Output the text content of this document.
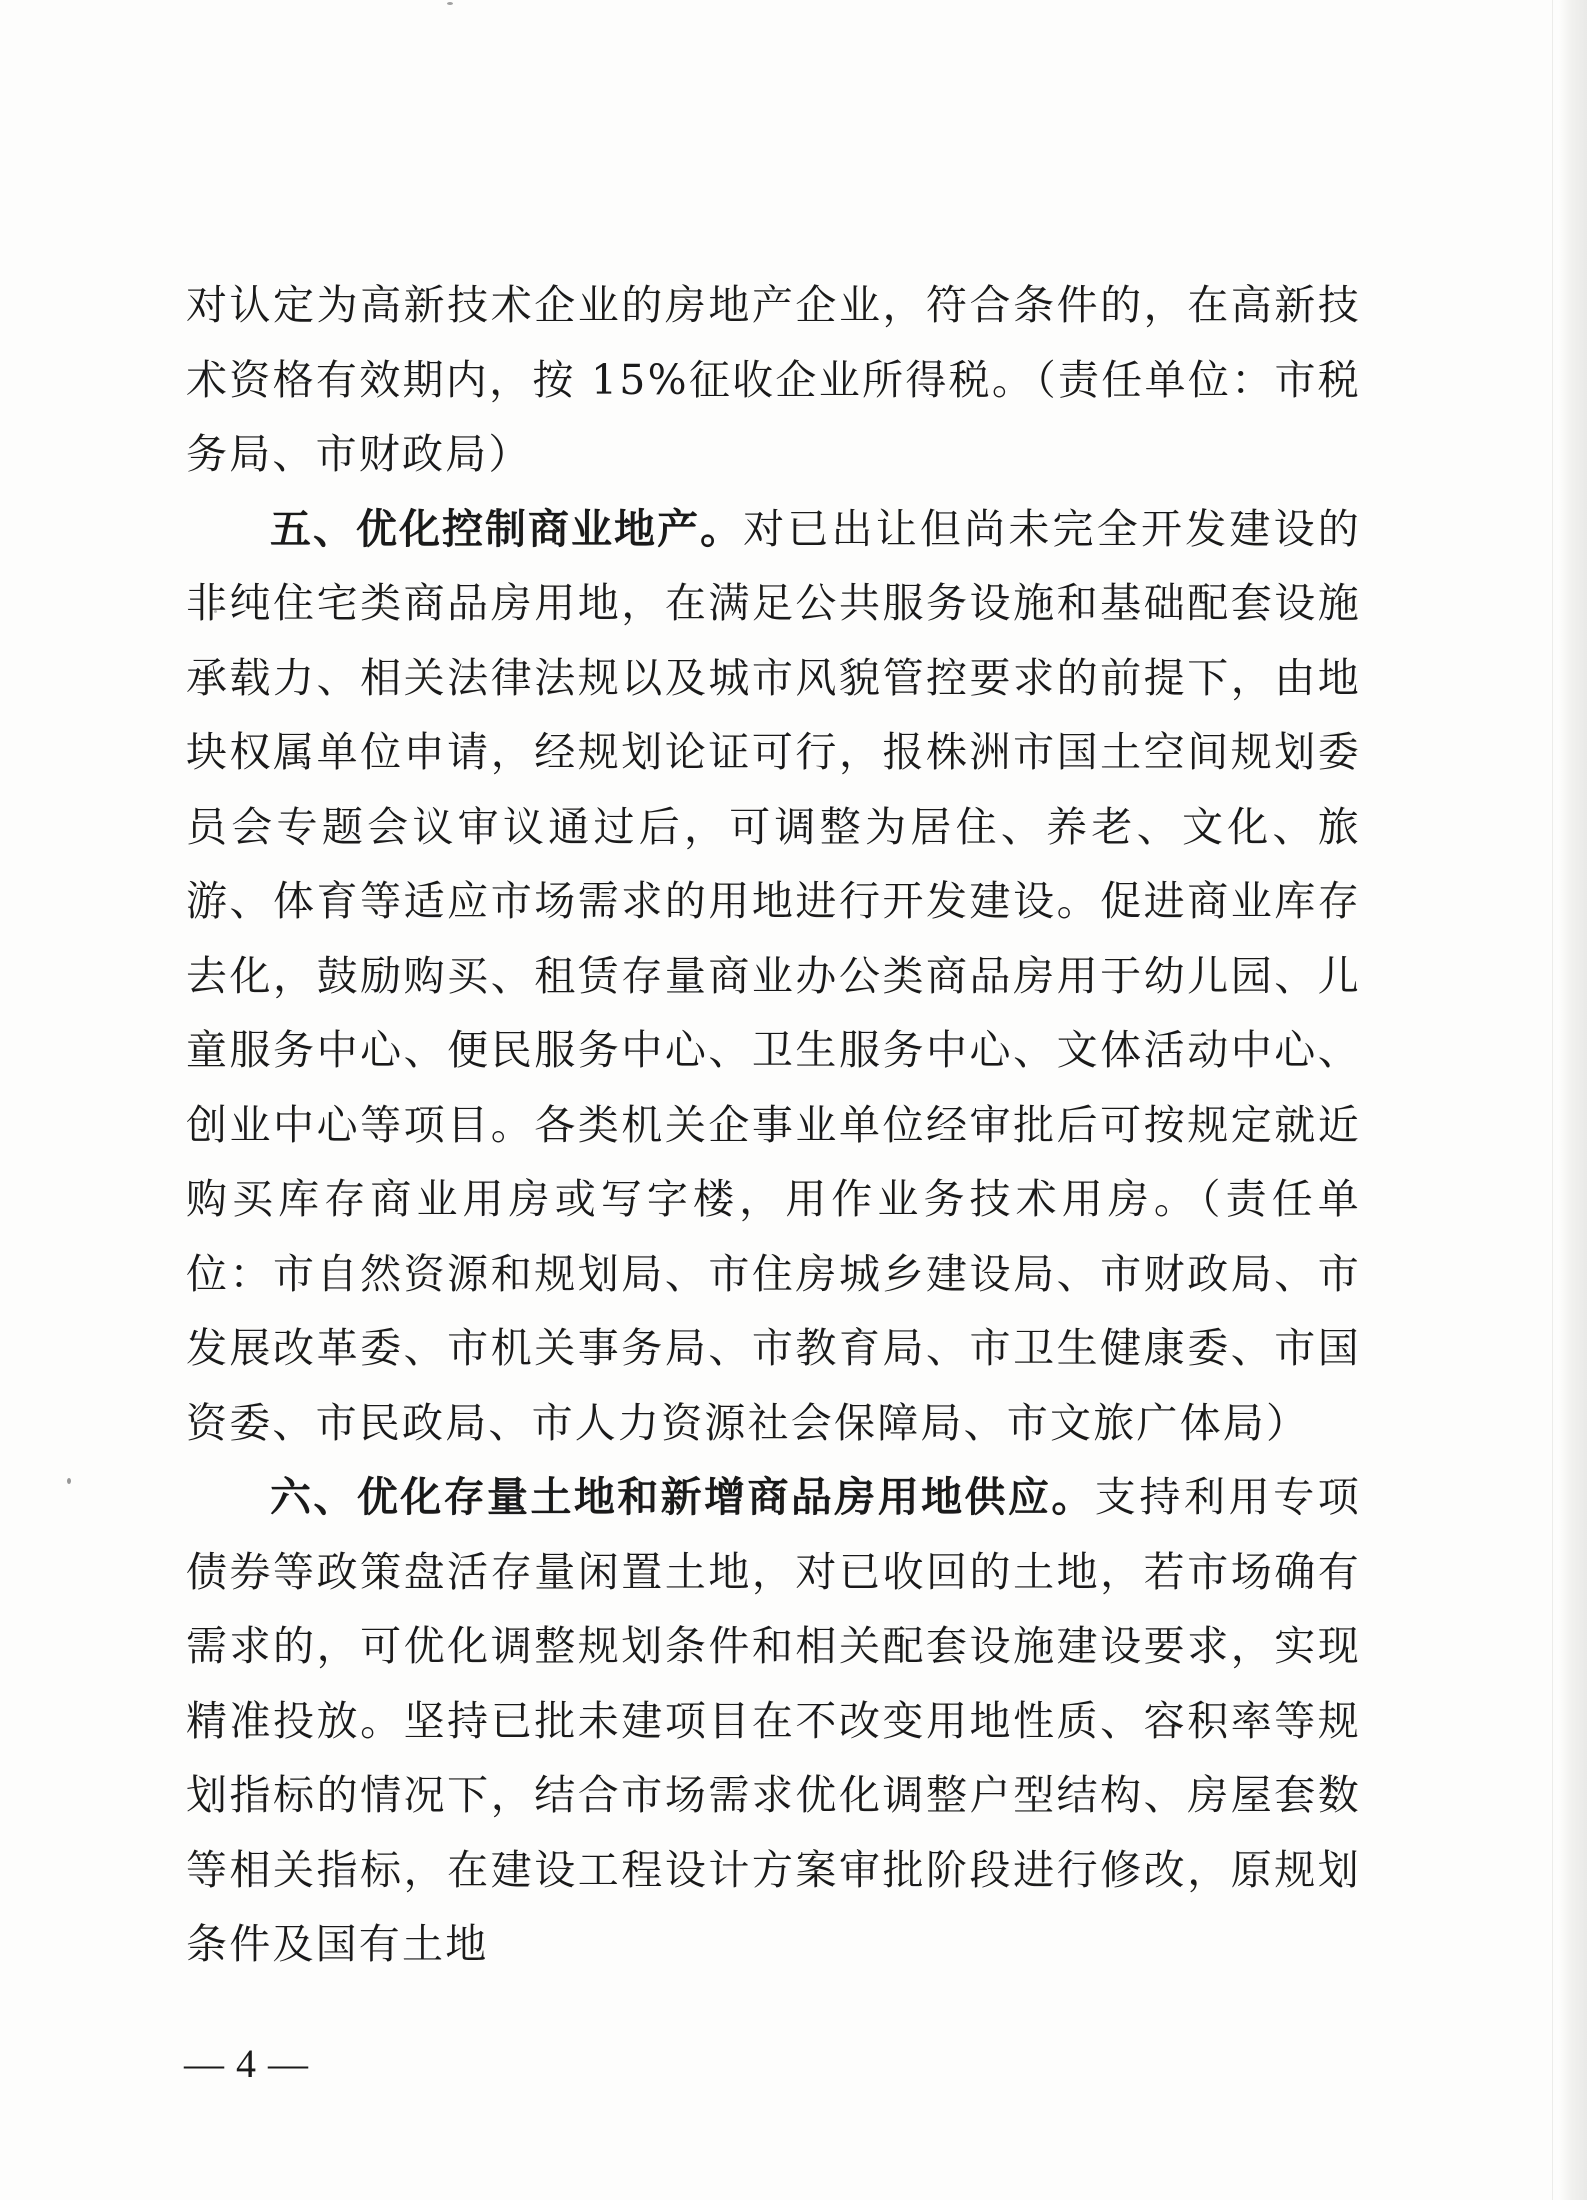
对认定为高新技术企业的房地产企业，符合条件的，在高新技术资格有效期内，按 15%征收企业所得税。（责任单位：市税务局、市财政局）

五、优化控制商业地产。对已出让但尚未完全开发建设的非纯住宅类商品房用地，在满足公共服务设施和基础配套设施承载力、相关法律法规以及城市风貌管控要求的前提下，由地块权属单位申请，经规划论证可行，报株洲市国土空间规划委员会专题会议审议通过后，可调整为居住、养老、文化、旅游、体育等适应市场需求的用地进行开发建设。促进商业库存去化，鼓励购买、租赁存量商业办公类商品房用于幼儿园、儿童服务中心、便民服务中心、卫生服务中心、文体活动中心、创业中心等项目。各类机关企事业单位经审批后可按规定就近购买库存商业用房或写字楼，用作业务技术用房。（责任单位：市自然资源和规划局、市住房城乡建设局、市财政局、市发展改革委、市机关事务局、市教育局、市卫生健康委、市国资委、市民政局、市人力资源社会保障局、市文旅广体局）

六、优化存量土地和新增商品房用地供应。支持利用专项债券等政策盘活存量闲置土地，对已收回的土地，若市场确有需求的，可优化调整规划条件和相关配套设施建设要求，实现精准投放。坚持已批未建项目在不改变用地性质、容积率等规划指标的情况下，结合市场需求优化调整户型结构、房屋套数等相关指标，在建设工程设计方案审批阶段进行修改，原规划条件及国有土地

— 4 —
